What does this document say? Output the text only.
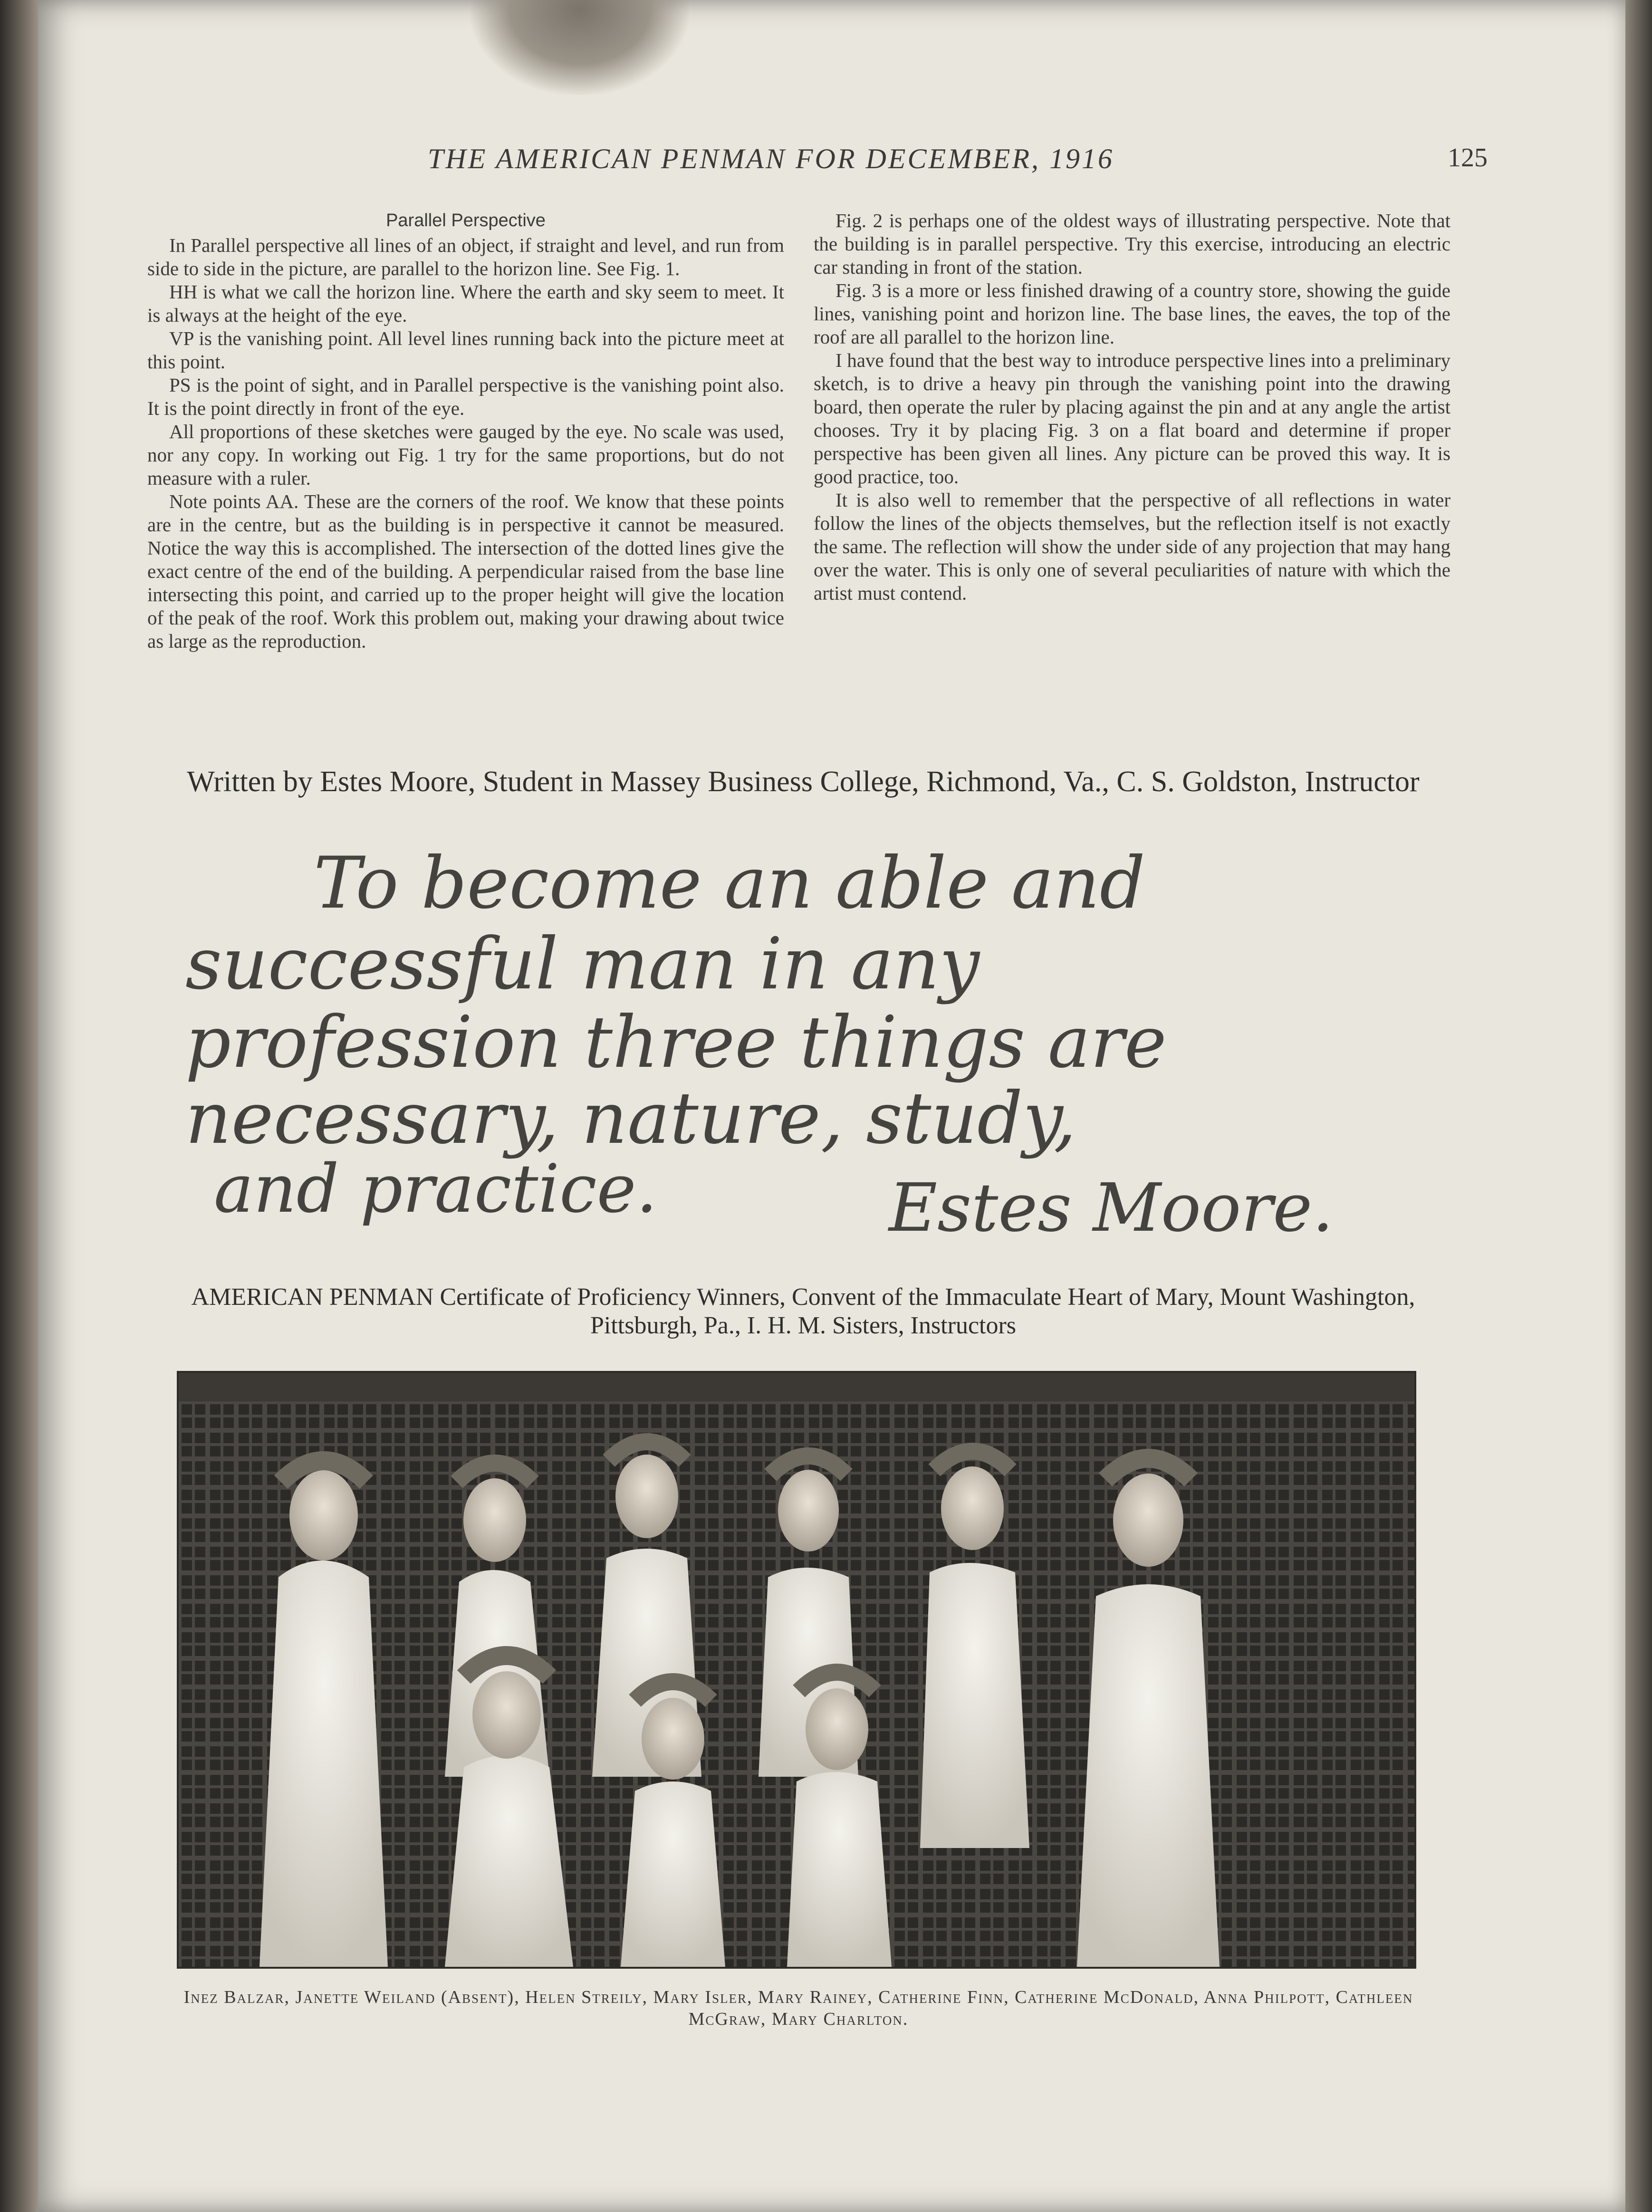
THE AMERICAN PENMAN FOR DECEMBER, 1916	125
Parallel Perspective

In Parallel perspective all lines of an object, if straight and level, and run from side to side in the picture, are parallel to the horizon line. See Fig. 1.

HH is what we call the horizon line. Where the earth and sky seem to meet. It is always at the height of the eye.

VP is the vanishing point. All level lines running back into the picture meet at this point.

PS is the point of sight, and in Parallel perspective is the vanishing point also. It is the point directly in front of the eye.

All proportions of these sketches were gauged by the eye. No scale was used, nor any copy. In working out Fig. 1 try for the same proportions, but do not measure with a ruler.

Note points AA. These are the corners of the roof. We know that these points are in the centre, but as the building is in perspective it cannot be measured. Notice the way this is accomplished. The intersection of the dotted lines give the exact centre of the end of the building. A perpendicular raised from the base line intersecting this point, and carried up to the proper height will give the location of the peak of the roof. Work this problem out, making your drawing about twice as large as the reproduction.

Fig. 2 is perhaps one of the oldest ways of illustrating perspective. Note that the building is in parallel perspective. Try this exercise, introducing an electric car standing in front of the station.

Fig. 3 is a more or less finished drawing of a country store, showing the guide lines, vanishing point and horizon line. The base lines, the eaves, the top of the roof are all parallel to the horizon line.

I have found that the best way to introduce perspective lines into a preliminary sketch, is to drive a heavy pin through the vanishing point into the drawing board, then operate the ruler by placing against the pin and at any angle the artist chooses. Try it by placing Fig. 3 on a flat board and determine if proper perspective has been given all lines. Any picture can be proved this way. It is good practice, too.

It is also well to remember that the perspective of all reflections in water follow the lines of the objects themselves, but the reflection itself is not exactly the same. The reflection will show the under side of any projection that may hang over the water. This is only one of several peculiarities of nature with which the artist must contend.

Written by Estes Moore, Student in Massey Business College, Richmond, Va., C. S. Goldston, Instructor
To become an able and
successful man in any
profession three things are
necessary, nature, study,
and practice.	Estes Moore.
AMERICAN PENMAN Certificate of Proficiency Winners, Convent of the Immaculate Heart of Mary, Mount Washington, Pittsburgh, Pa., I. H. M. Sisters, Instructors
Inez Balzar, Janette Weiland (Absent), Helen Streily, Mary Isler, Mary Rainey, Catherine Finn, Catherine McDonald, Anna Philpott, Cathleen McGraw, Mary Charlton.
